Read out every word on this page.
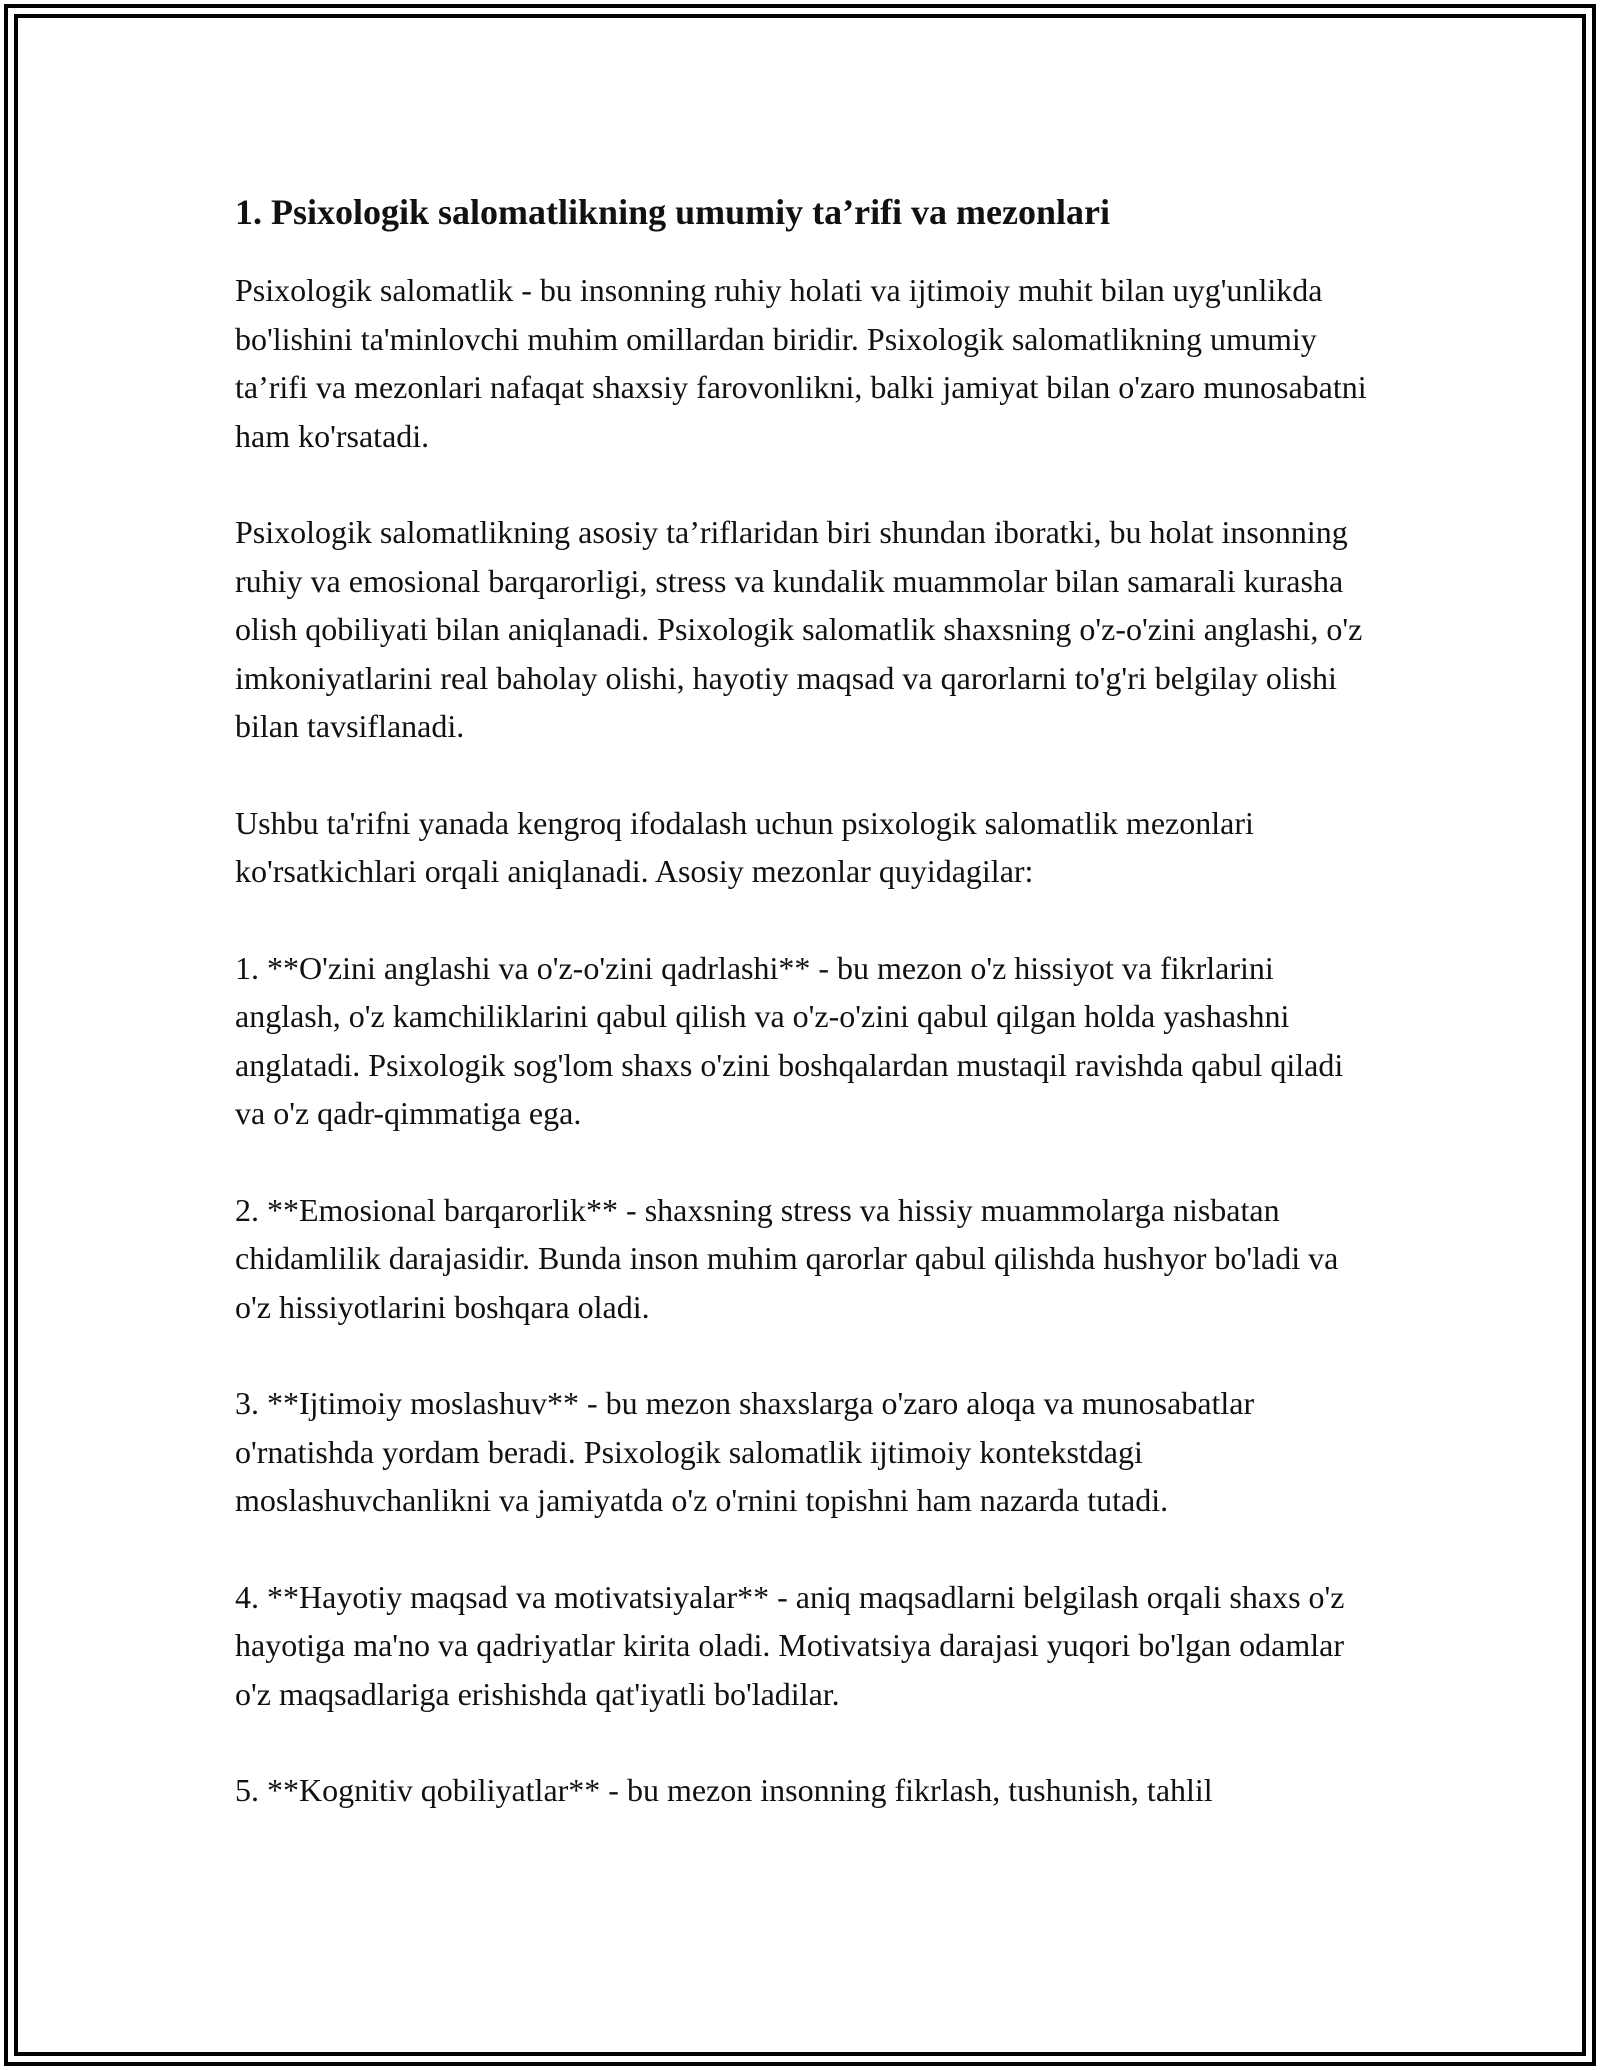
1. Psixologik salomatlikning umumiy ta’rifi va mezonlari

Psixologik salomatlik - bu insonning ruhiy holati va ijtimoiy muhit bilan uyg'unlikda bo'lishini ta'minlovchi muhim omillardan biridir. Psixologik salomatlikning umumiy ta’rifi va mezonlari nafaqat shaxsiy farovonlikni, balki jamiyat bilan o'zaro munosabatni ham ko'rsatadi.

Psixologik salomatlikning asosiy ta’riflaridan biri shundan iboratki, bu holat insonning ruhiy va emosional barqarorligi, stress va kundalik muammolar bilan samarali kurasha olish qobiliyati bilan aniqlanadi. Psixologik salomatlik shaxsning o'z-o'zini anglashi, o'z imkoniyatlarini real baholay olishi, hayotiy maqsad va qarorlarni to'g'ri belgilay olishi bilan tavsiflanadi.

Ushbu ta'rifni yanada kengroq ifodalash uchun psixologik salomatlik mezonlari ko'rsatkichlari orqali aniqlanadi. Asosiy mezonlar quyidagilar:

1. **O'zini anglashi va o'z-o'zini qadrlashi** - bu mezon o'z hissiyot va fikrlarini anglash, o'z kamchiliklarini qabul qilish va o'z-o'zini qabul qilgan holda yashashni anglatadi. Psixologik sog'lom shaxs o'zini boshqalardan mustaqil ravishda qabul qiladi va o'z qadr-qimmatiga ega.

2. **Emosional barqarorlik** - shaxsning stress va hissiy muammolarga nisbatan chidamlilik darajasidir. Bunda inson muhim qarorlar qabul qilishda hushyor bo'ladi va o'z hissiyotlarini boshqara oladi.

3. **Ijtimoiy moslashuv** - bu mezon shaxslarga o'zaro aloqa va munosabatlar o'rnatishda yordam beradi. Psixologik salomatlik ijtimoiy kontekstdagi moslashuvchanlikni va jamiyatda o'z o'rnini topishni ham nazarda tutadi.

4. **Hayotiy maqsad va motivatsiyalar** - aniq maqsadlarni belgilash orqali shaxs o'z hayotiga ma'no va qadriyatlar kirita oladi. Motivatsiya darajasi yuqori bo'lgan odamlar o'z maqsadlariga erishishda qat'iyatli bo'ladilar.

5. **Kognitiv qobiliyatlar** - bu mezon insonning fikrlash, tushunish, tahlil
